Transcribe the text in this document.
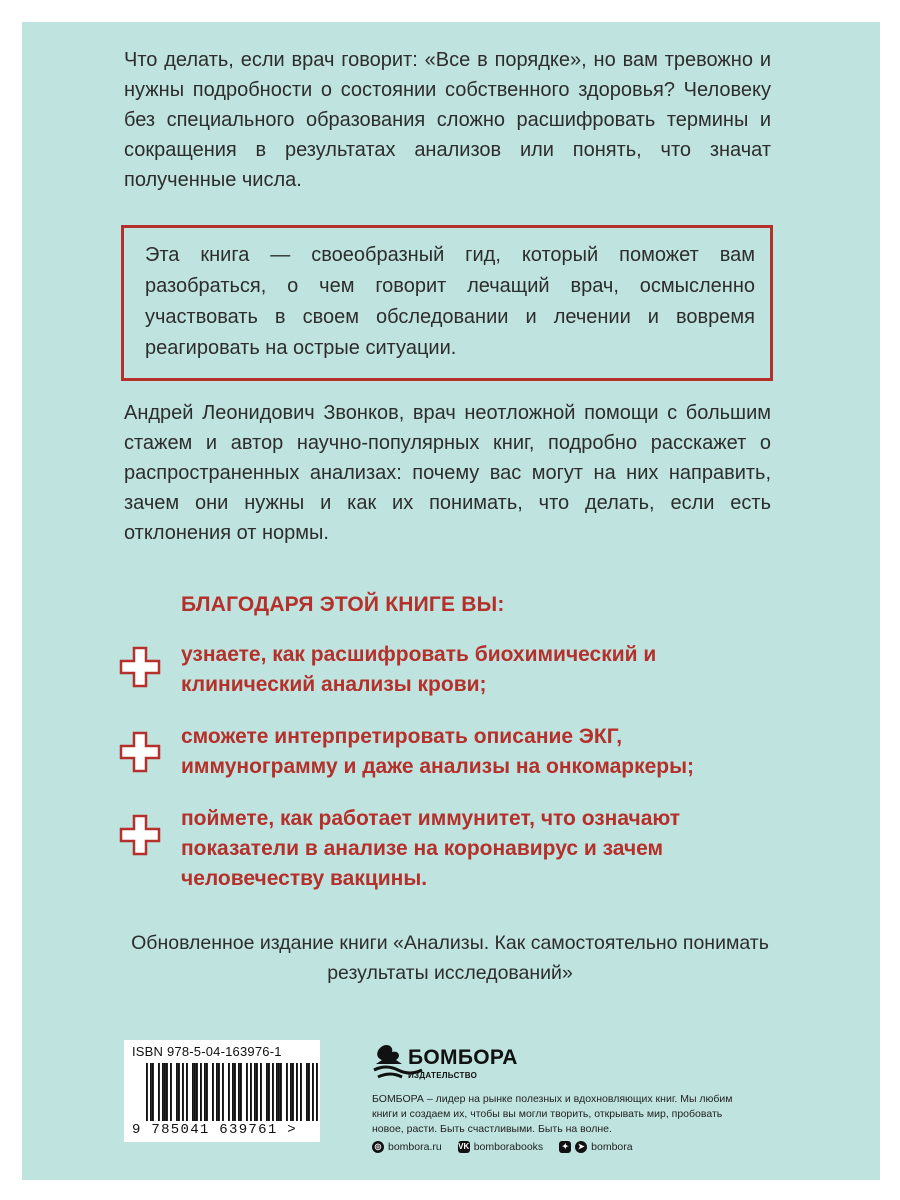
Что делать, если врач говорит: «Все в порядке», но вам тревожно и нужны подробности о состоянии собственного здоровья? Человеку без специального образования сложно расшифровать термины и сокращения в результатах анализов или понять, что значат полученные числа.

Эта книга — своеобразный гид, который поможет вам разобраться, о чем говорит лечащий врач, осмысленно участвовать в своем обследовании и лечении и вовремя реагировать на острые ситуации.

Андрей Леонидович Звонков, врач неотложной помощи с большим стажем и автор научно-популярных книг, подробно расскажет о распространенных анализах: почему вас могут на них направить, зачем они нужны и как их понимать, что делать, если есть отклонения от нормы.

БЛАГОДАРЯ ЭТОЙ КНИГЕ ВЫ:

узнаете, как расшифровать биохимический и клинический анализы крови;

сможете интерпретировать описание ЭКГ, иммунограмму и даже анализы на онкомаркеры;

поймете, как работает иммунитет, что означают показатели в анализе на коронавирус и зачем человечеству вакцины.

Обновленное издание книги «Анализы. Как самостоятельно понимать результаты исследований»

ISBN 978-5-04-163976-1
9 785041 639761 >
БОМБОРА
ИЗДАТЕЛЬСТВО

БОМБОРА – лидер на рынке полезных и вдохновляющих книг. Мы любим книги и создаем их, чтобы вы могли творить, открывать мир, пробовать новое, расти. Быть счастливыми. Быть на волне.

◎ bombora.ru VK bomborabooks	✦	➤ bombora
